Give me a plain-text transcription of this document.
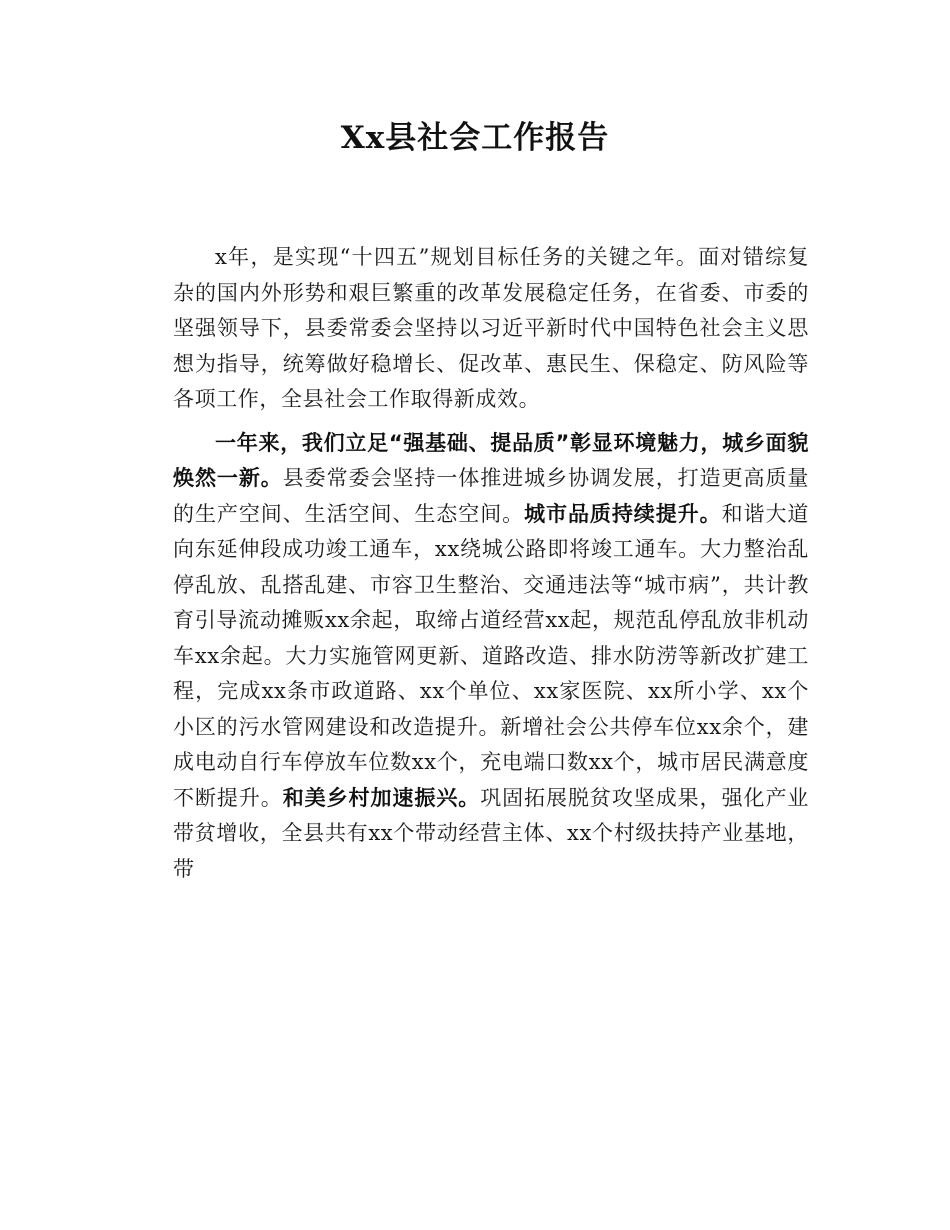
Xx县社会工作报告

x年，是实现“十四五”规划目标任务的关键之年。面对错综复杂的国内外形势和艰巨繁重的改革发展稳定任务，在省委、市委的坚强领导下，县委常委会坚持以习近平新时代中国特色社会主义思想为指导，统筹做好稳增长、促改革、惠民生、保稳定、防风险等各项工作，全县社会工作取得新成效。

一年来，我们立足“强基础、提品质”彰显环境魅力，城乡面貌焕然一新。县委常委会坚持一体推进城乡协调发展，打造更高质量的生产空间、生活空间、生态空间。城市品质持续提升。和谐大道向东延伸段成功竣工通车，xx绕城公路即将竣工通车。大力整治乱停乱放、乱搭乱建、市容卫生整治、交通违法等“城市病”，共计教育引导流动摊贩xx余起，取缔占道经营xx起，规范乱停乱放非机动车xx余起。大力实施管网更新、道路改造、排水防涝等新改扩建工程，完成xx条市政道路、xx个单位、xx家医院、xx所小学、xx个小区的污水管网建设和改造提升。新增社会公共停车位xx余个，建成电动自行车停放车位数xx个，充电端口数xx个，城市居民满意度不断提升。和美乡村加速振兴。巩固拓展脱贫攻坚成果，强化产业带贫增收，全县共有xx个带动经营主体、xx个村级扶持产业基地，带
